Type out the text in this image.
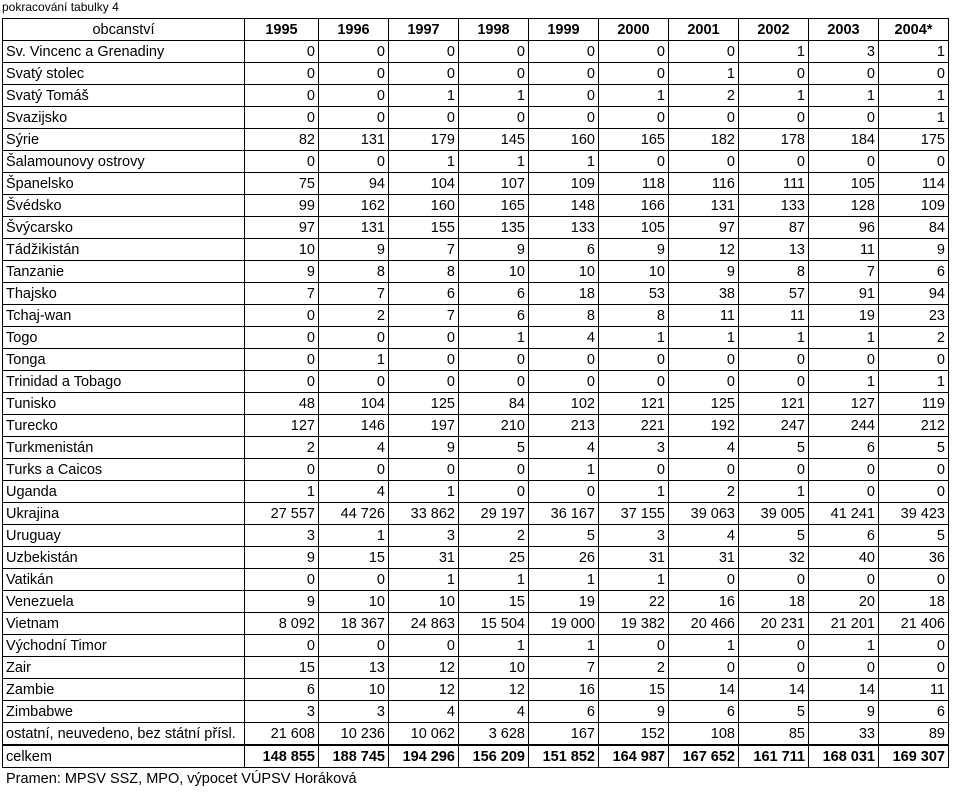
pokracování tabulky 4
obcanství	1995	1996	1997	1998	1999	2000	2001	2002	2003	2004*
Sv. Vincenc a Grenadiny	0	0	0	0	0	0	0	1	3	1
Svatý stolec	0	0	0	0	0	0	1	0	0	0
Svatý Tomáš	0	0	1	1	0	1	2	1	1	1
Svazijsko	0	0	0	0	0	0	0	0	0	1
Sýrie	82	131	179	145	160	165	182	178	184	175
Šalamounovy ostrovy	0	0	1	1	1	0	0	0	0	0
Španelsko	75	94	104	107	109	118	116	111	105	114
Švédsko	99	162	160	165	148	166	131	133	128	109
Švýcarsko	97	131	155	135	133	105	97	87	96	84
Tádžikistán	10	9	7	9	6	9	12	13	11	9
Tanzanie	9	8	8	10	10	10	9	8	7	6
Thajsko	7	7	6	6	18	53	38	57	91	94
Tchaj-wan	0	2	7	6	8	8	11	11	19	23
Togo	0	0	0	1	4	1	1	1	1	2
Tonga	0	1	0	0	0	0	0	0	0	0
Trinidad a Tobago	0	0	0	0	0	0	0	0	1	1
Tunisko	48	104	125	84	102	121	125	121	127	119
Turecko	127	146	197	210	213	221	192	247	244	212
Turkmenistán	2	4	9	5	4	3	4	5	6	5
Turks a Caicos	0	0	0	0	1	0	0	0	0	0
Uganda	1	4	1	0	0	1	2	1	0	0
Ukrajina	27 557	44 726	33 862	29 197	36 167	37 155	39 063	39 005	41 241	39 423
Uruguay	3	1	3	2	5	3	4	5	6	5
Uzbekistán	9	15	31	25	26	31	31	32	40	36
Vatikán	0	0	1	1	1	1	0	0	0	0
Venezuela	9	10	10	15	19	22	16	18	20	18
Vietnam	8 092	18 367	24 863	15 504	19 000	19 382	20 466	20 231	21 201	21 406
Východní Timor	0	0	0	1	1	0	1	0	1	0
Zair	15	13	12	10	7	2	0	0	0	0
Zambie	6	10	12	12	16	15	14	14	14	11
Zimbabwe	3	3	4	4	6	9	6	5	9	6
ostatní, neuvedeno, bez státní přísl.	21 608	10 236	10 062	3 628	167	152	108	85	33	89
celkem	148 855	188 745	194 296	156 209	151 852	164 987	167 652	161 711	168 031	169 307
Pramen: MPSV SSZ, MPO, výpocet VÚPSV Horáková
